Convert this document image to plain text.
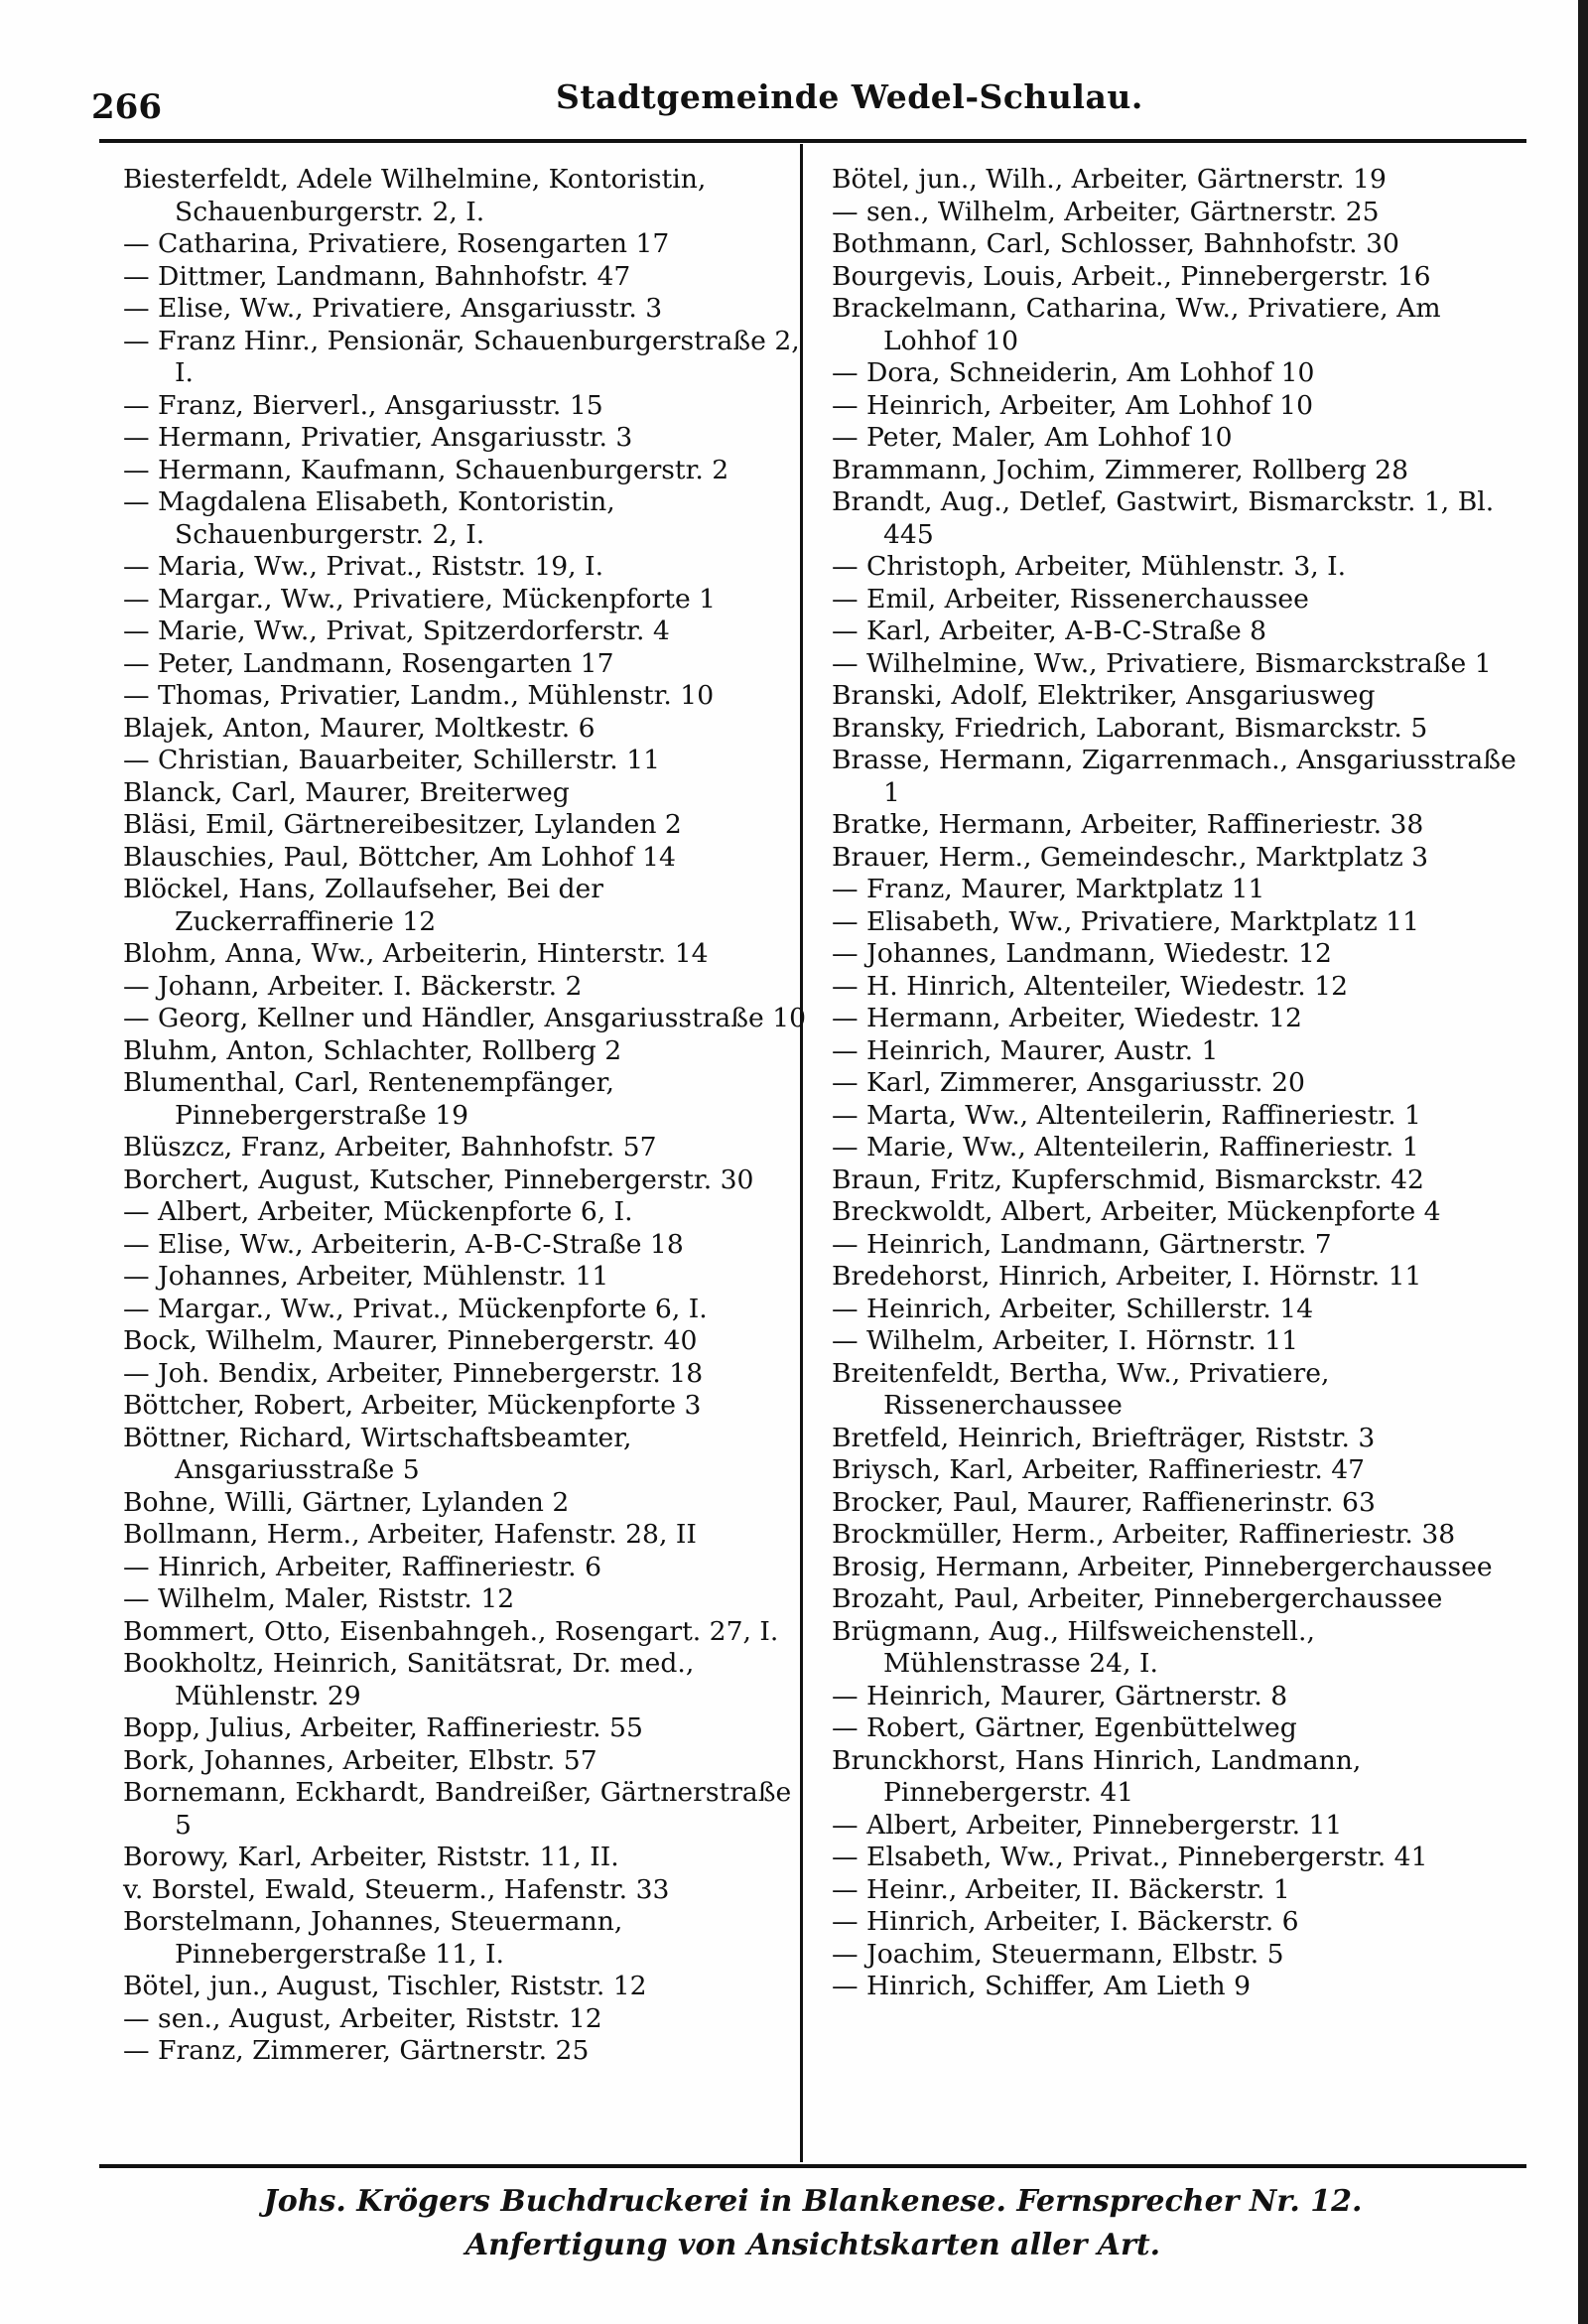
266	Stadtgemeinde Wedel-Schulau.

Biesterfeldt, Adele Wilhelmine, Kontoristin, Schauenburgerstr. 2, I.

— Catharina, Privatiere, Rosengarten 17

— Dittmer, Landmann, Bahnhofstr. 47

— Elise, Ww., Privatiere, Ansgariusstr. 3

— Franz Hinr., Pensionär, Schauenburgerstraße 2, I.

— Franz, Bierverl., Ansgariusstr. 15

— Hermann, Privatier, Ansgariusstr. 3

— Hermann, Kaufmann, Schauenburgerstr. 2

— Magdalena Elisabeth, Kontoristin, Schauenburgerstr. 2, I.

— Maria, Ww., Privat., Riststr. 19, I.

— Margar., Ww., Privatiere, Mückenpforte 1

— Marie, Ww., Privat, Spitzerdorferstr. 4

— Peter, Landmann, Rosengarten 17

— Thomas, Privatier, Landm., Mühlenstr. 10

Blajek, Anton, Maurer, Moltkestr. 6

— Christian, Bauarbeiter, Schillerstr. 11

Blanck, Carl, Maurer, Breiterweg

Bläsi, Emil, Gärtnereibesitzer, Lylanden 2

Blauschies, Paul, Böttcher, Am Lohhof 14

Blöckel, Hans, Zollaufseher, Bei der Zuckerraffinerie 12

Blohm, Anna, Ww., Arbeiterin, Hinterstr. 14

— Johann, Arbeiter. I. Bäckerstr. 2

— Georg, Kellner und Händler, Ansgariusstraße 10

Bluhm, Anton, Schlachter, Rollberg 2

Blumenthal, Carl, Rentenempfänger, Pinnebergerstraße 19

Blüszcz, Franz, Arbeiter, Bahnhofstr. 57

Borchert, August, Kutscher, Pinnebergerstr. 30

— Albert, Arbeiter, Mückenpforte 6, I.

— Elise, Ww., Arbeiterin, A-B-C-Straße 18

— Johannes, Arbeiter, Mühlenstr. 11

— Margar., Ww., Privat., Mückenpforte 6, I.

Bock, Wilhelm, Maurer, Pinnebergerstr. 40

— Joh. Bendix, Arbeiter, Pinnebergerstr. 18

Böttcher, Robert, Arbeiter, Mückenpforte 3

Böttner, Richard, Wirtschaftsbeamter, Ansgariusstraße 5

Bohne, Willi, Gärtner, Lylanden 2

Bollmann, Herm., Arbeiter, Hafenstr. 28, II

— Hinrich, Arbeiter, Raffineriestr. 6

— Wilhelm, Maler, Riststr. 12

Bommert, Otto, Eisenbahngeh., Rosengart. 27, I.

Bookholtz, Heinrich, Sanitätsrat, Dr. med., Mühlenstr. 29

Bopp, Julius, Arbeiter, Raffineriestr. 55

Bork, Johannes, Arbeiter, Elbstr. 57

Bornemann, Eckhardt, Bandreißer, Gärtnerstraße 5

Borowy, Karl, Arbeiter, Riststr. 11, II.

v. Borstel, Ewald, Steuerm., Hafenstr. 33

Borstelmann, Johannes, Steuermann, Pinnebergerstraße 11, I.

Bötel, jun., August, Tischler, Riststr. 12

— sen., August, Arbeiter, Riststr. 12

— Franz, Zimmerer, Gärtnerstr. 25

Bötel, jun., Wilh., Arbeiter, Gärtnerstr. 19

— sen., Wilhelm, Arbeiter, Gärtnerstr. 25

Bothmann, Carl, Schlosser, Bahnhofstr. 30

Bourgevis, Louis, Arbeit., Pinnebergerstr. 16

Brackelmann, Catharina, Ww., Privatiere, Am Lohhof 10

— Dora, Schneiderin, Am Lohhof 10

— Heinrich, Arbeiter, Am Lohhof 10

— Peter, Maler, Am Lohhof 10

Brammann, Jochim, Zimmerer, Rollberg 28

Brandt, Aug., Detlef, Gastwirt, Bismarckstr. 1, Bl. 445

— Christoph, Arbeiter, Mühlenstr. 3, I.

— Emil, Arbeiter, Rissenerchaussee

— Karl, Arbeiter, A-B-C-Straße 8

— Wilhelmine, Ww., Privatiere, Bismarckstraße 1

Branski, Adolf, Elektriker, Ansgariusweg

Bransky, Friedrich, Laborant, Bismarckstr. 5

Brasse, Hermann, Zigarrenmach., Ansgariusstraße 1

Bratke, Hermann, Arbeiter, Raffineriestr. 38

Brauer, Herm., Gemeindeschr., Marktplatz 3

— Franz, Maurer, Marktplatz 11

— Elisabeth, Ww., Privatiere, Marktplatz 11

— Johannes, Landmann, Wiedestr. 12

— H. Hinrich, Altenteiler, Wiedestr. 12

— Hermann, Arbeiter, Wiedestr. 12

— Heinrich, Maurer, Austr. 1

— Karl, Zimmerer, Ansgariusstr. 20

— Marta, Ww., Altenteilerin, Raffineriestr. 1

— Marie, Ww., Altenteilerin, Raffineriestr. 1

Braun, Fritz, Kupferschmid, Bismarckstr. 42

Breckwoldt, Albert, Arbeiter, Mückenpforte 4

— Heinrich, Landmann, Gärtnerstr. 7

Bredehorst, Hinrich, Arbeiter, I. Hörnstr. 11

— Heinrich, Arbeiter, Schillerstr. 14

— Wilhelm, Arbeiter, I. Hörnstr. 11

Breitenfeldt, Bertha, Ww., Privatiere, Rissenerchaussee

Bretfeld, Heinrich, Briefträger, Riststr. 3

Briysch, Karl, Arbeiter, Raffineriestr. 47

Brocker, Paul, Maurer, Raffienerinstr. 63

Brockmüller, Herm., Arbeiter, Raffineriestr. 38

Brosig, Hermann, Arbeiter, Pinnebergerchaussee

Brozaht, Paul, Arbeiter, Pinnebergerchaussee

Brügmann, Aug., Hilfsweichenstell., Mühlenstrasse 24, I.

— Heinrich, Maurer, Gärtnerstr. 8

— Robert, Gärtner, Egenbüttelweg

Brunckhorst, Hans Hinrich, Landmann, Pinnebergerstr. 41

— Albert, Arbeiter, Pinnebergerstr. 11

— Elsabeth, Ww., Privat., Pinnebergerstr. 41

— Heinr., Arbeiter, II. Bäckerstr. 1

— Hinrich, Arbeiter, I. Bäckerstr. 6

— Joachim, Steuermann, Elbstr. 5

— Hinrich, Schiffer, Am Lieth 9

Johs. Krögers Buchdruckerei in Blankenese. Fernsprecher Nr. 12.
Anfertigung von Ansichtskarten aller Art.
